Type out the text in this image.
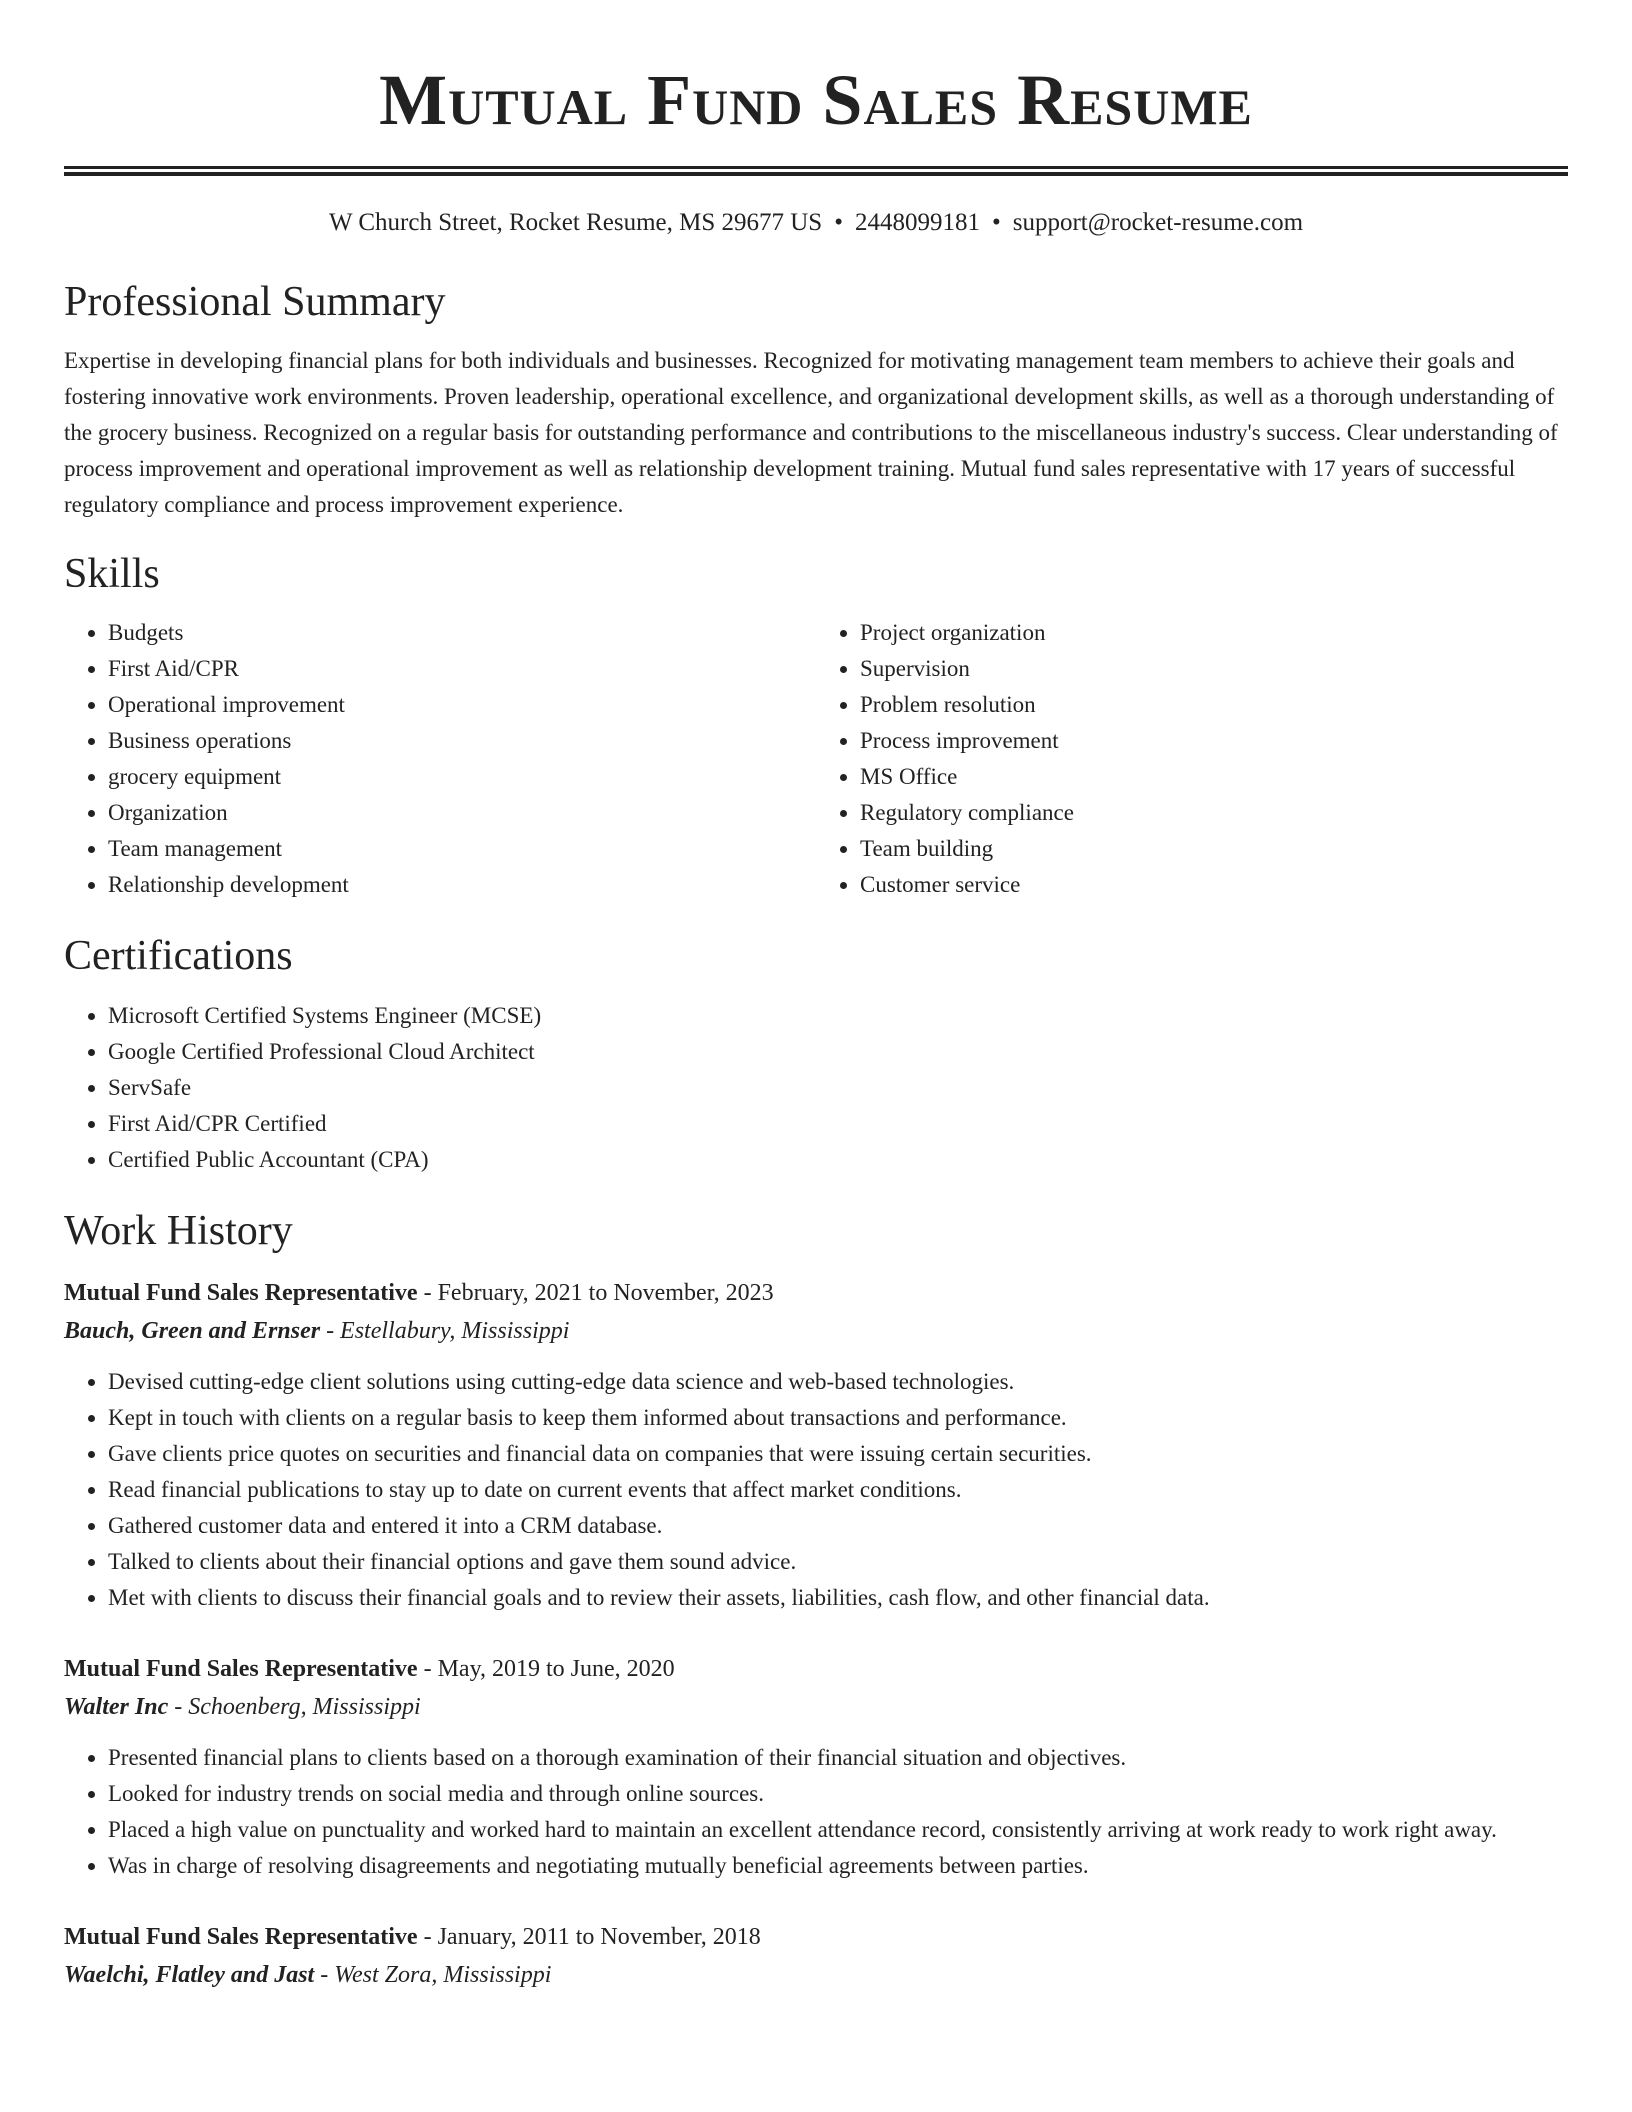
Mutual Fund Sales Resume
W Church Street, Rocket Resume, MS 29677 US • 2448099181 • support@rocket-resume.com
Professional Summary

Expertise in developing financial plans for both individuals and businesses. Recognized for motivating management team members to achieve their goals and fostering innovative work environments. Proven leadership, operational excellence, and organizational development skills, as well as a thorough understanding of the grocery business. Recognized on a regular basis for outstanding performance and contributions to the miscellaneous industry's success. Clear understanding of process improvement and operational improvement as well as relationship development training. Mutual fund sales representative with 17 years of successful regulatory compliance and process improvement experience.

Skills
• Budgets
• First Aid/CPR
• Operational improvement
• Business operations
• grocery equipment
• Organization
• Team management
• Relationship development
• Project organization
• Supervision
• Problem resolution
• Process improvement
• MS Office
• Regulatory compliance
• Team building
• Customer service
Certifications
• Microsoft Certified Systems Engineer (MCSE)
• Google Certified Professional Cloud Architect
• ServSafe
• First Aid/CPR Certified
• Certified Public Accountant (CPA)
Work History
Mutual Fund Sales Representative - February, 2021 to November, 2023
Bauch, Green and Ernser - Estellabury, Mississippi
• Devised cutting-edge client solutions using cutting-edge data science and web-based technologies.
• Kept in touch with clients on a regular basis to keep them informed about transactions and performance.
• Gave clients price quotes on securities and financial data on companies that were issuing certain securities.
• Read financial publications to stay up to date on current events that affect market conditions.
• Gathered customer data and entered it into a CRM database.
• Talked to clients about their financial options and gave them sound advice.
• Met with clients to discuss their financial goals and to review their assets, liabilities, cash flow, and other financial data.
Mutual Fund Sales Representative - May, 2019 to June, 2020
Walter Inc - Schoenberg, Mississippi
• Presented financial plans to clients based on a thorough examination of their financial situation and objectives.
• Looked for industry trends on social media and through online sources.
• Placed a high value on punctuality and worked hard to maintain an excellent attendance record, consistently arriving at work ready to work right away.
• Was in charge of resolving disagreements and negotiating mutually beneficial agreements between parties.
Mutual Fund Sales Representative - January, 2011 to November, 2018
Waelchi, Flatley and Jast - West Zora, Mississippi
